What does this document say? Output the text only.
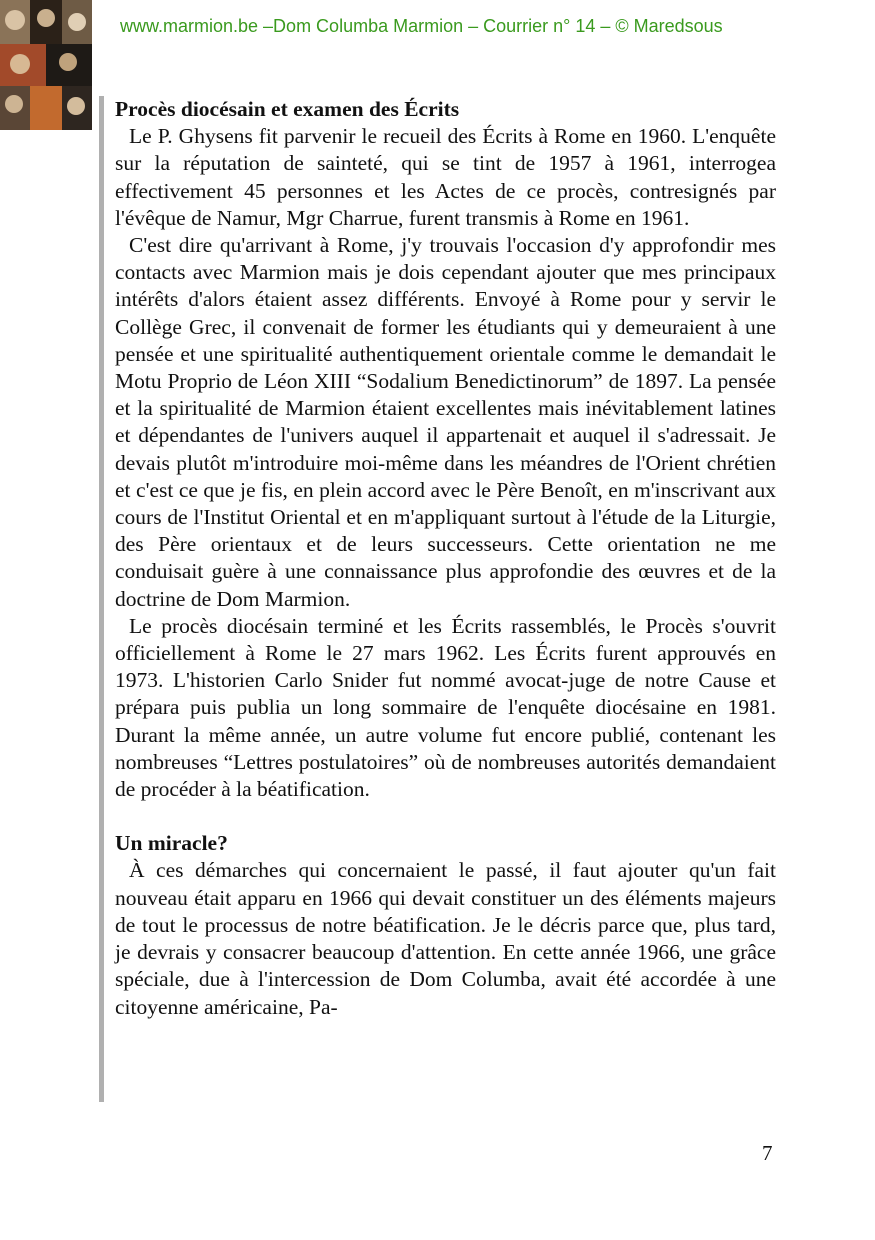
www.marmion.be –Dom Columba Marmion – Courrier n° 14 – © Maredsous
Procès diocésain et examen des Écrits

Le P. Ghysens fit parvenir le recueil des Écrits à Rome en 1960. L'enquête sur la réputation de sainteté, qui se tint de 1957 à 1961, interrogea effectivement 45 personnes et les Actes de ce procès, contresignés par l'évêque de Namur, Mgr Charrue, furent transmis à Rome en 1961.

C'est dire qu'arrivant à Rome, j'y trouvais l'occasion d'y approfondir mes contacts avec Marmion mais je dois cependant ajouter que mes principaux intérêts d'alors étaient assez différents. Envoyé à Rome pour y servir le Collège Grec, il convenait de former les étudiants qui y demeuraient à une pensée et une spiritualité authentiquement orientale comme le demandait le Motu Proprio de Léon XIII “Sodalium Benedictinorum” de 1897. La pensée et la spiritualité de Marmion étaient excellentes mais inévitablement latines et dépendantes de l'univers auquel il appartenait et auquel il s'adressait. Je devais plutôt m'introduire moi-même dans les méandres de l'Orient chrétien et c'est ce que je fis, en plein accord avec le Père Benoît, en m'inscrivant aux cours de l'Institut Oriental et en m'appliquant surtout à l'étude de la Liturgie, des Père orientaux et de leurs successeurs. Cette orientation ne me conduisait guère à une connaissance plus approfondie des œuvres et de la doctrine de Dom Marmion.

Le procès diocésain terminé et les Écrits rassemblés, le Procès s'ouvrit officiellement à Rome le 27 mars 1962. Les Écrits furent approuvés en 1973. L'historien Carlo Snider fut nommé avocat-juge de notre Cause et prépara puis publia un long sommaire de l'enquête diocésaine en 1981. Durant la même année, un autre volume fut encore publié, contenant les nombreuses “Lettres postulatoires” où de nombreuses autorités demandaient de procéder à la béatification.

Un miracle?

À ces démarches qui concernaient le passé, il faut ajouter qu'un fait nouveau était apparu en 1966 qui devait constituer un des éléments majeurs de tout le processus de notre béatification. Je le décris parce que, plus tard, je devrais y consacrer beaucoup d'attention. En cette année 1966, une grâce spéciale, due à l'intercession de Dom Columba, avait été accordée à une citoyenne américaine, Pa-

7
